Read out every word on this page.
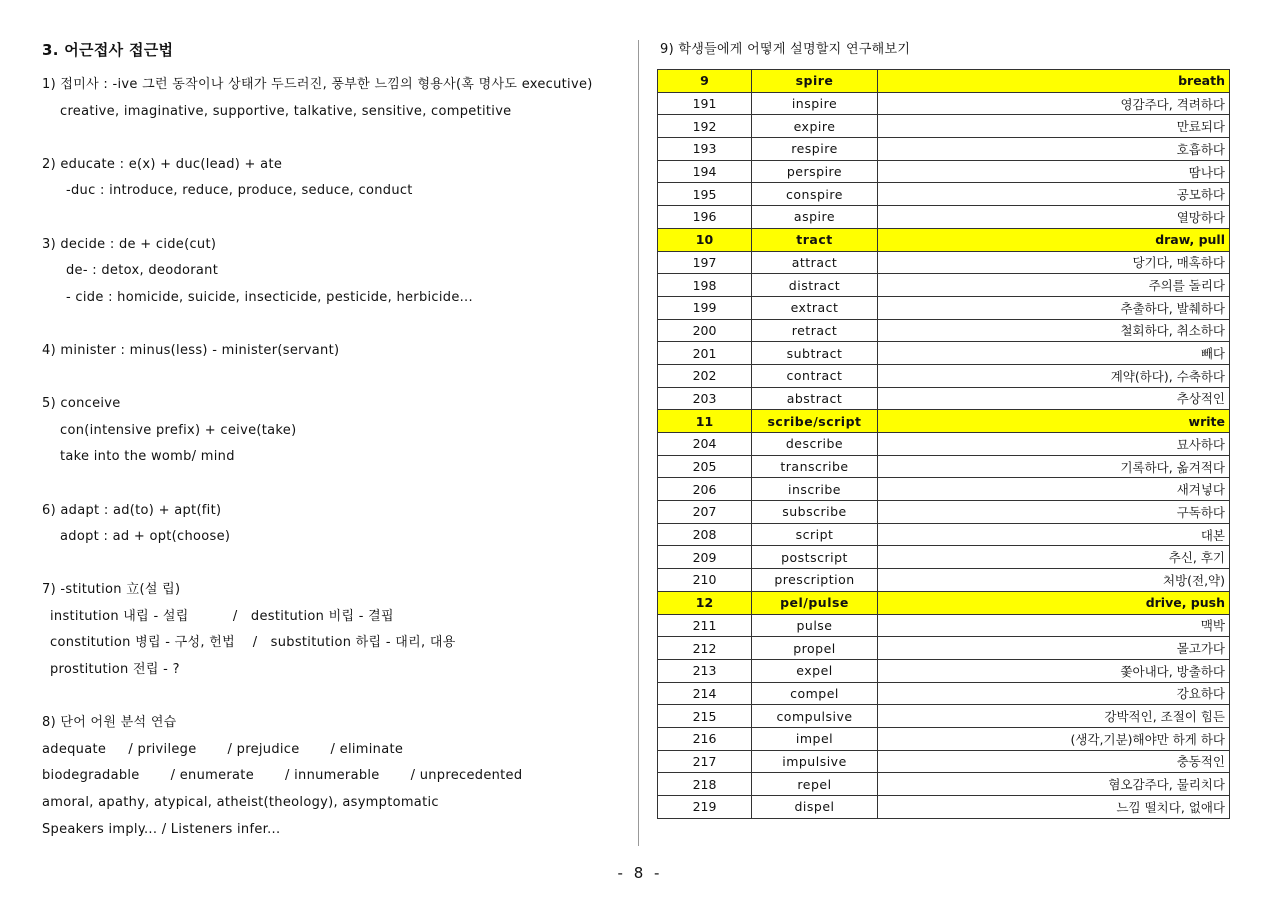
3. 어근접사 접근법
1) 접미사 : -ive 그런 동작이나 상태가 두드러진, 풍부한 느낌의 형용사(혹 명사도 executive)
creative, imaginative, supportive, talkative, sensitive, competitive
2) educate : e(x) + duc(lead) + ate
-duc : introduce, reduce, produce, seduce, conduct
3) decide : de + cide(cut)
de- : detox, deodorant
- cide : homicide, suicide, insecticide, pesticide, herbicide...
4) minister : minus(less) - minister(servant)
5) conceive
con(intensive prefix) + ceive(take)
take into the womb/ mind
6) adapt : ad(to) + apt(fit)
adopt : ad + opt(choose)
7) -stitution 立(설 립)
institution 내립 - 설립          /   destitution 비립 - 결핍
constitution 병립 - 구성, 헌법    /   substitution 하립 - 대리, 대용
prostitution 전립 - ?
8) 단어 어원 분석 연습
adequate     / privilege       / prejudice       / eliminate
biodegradable       / enumerate       / innumerable       / unprecedented
amoral, apathy, atypical, atheist(theology), asymptomatic
Speakers imply... / Listeners infer...
9) 학생들에게 어떻게 설명할지 연구해보기
9	spire	breath
191	inspire	영감주다, 격려하다
192	expire	만료되다
193	respire	호흡하다
194	perspire	땀나다
195	conspire	공모하다
196	aspire	열망하다
10	tract	draw, pull
197	attract	당기다, 매혹하다
198	distract	주의를 돌리다
199	extract	추출하다, 발췌하다
200	retract	철회하다, 취소하다
201	subtract	빼다
202	contract	계약(하다), 수축하다
203	abstract	추상적인
11	scribe/script	write
204	describe	묘사하다
205	transcribe	기록하다, 옮겨적다
206	inscribe	새겨넣다
207	subscribe	구독하다
208	script	대본
209	postscript	추신, 후기
210	prescription	처방(전,약)
12	pel/pulse	drive, push
211	pulse	맥박
212	propel	몰고가다
213	expel	쫓아내다, 방출하다
214	compel	강요하다
215	compulsive	강박적인, 조절이 힘든
216	impel	(생각,기분)해야만 하게 하다
217	impulsive	충동적인
218	repel	혐오감주다, 물리치다
219	dispel	느낌 떨치다, 없애다
- 8 -
